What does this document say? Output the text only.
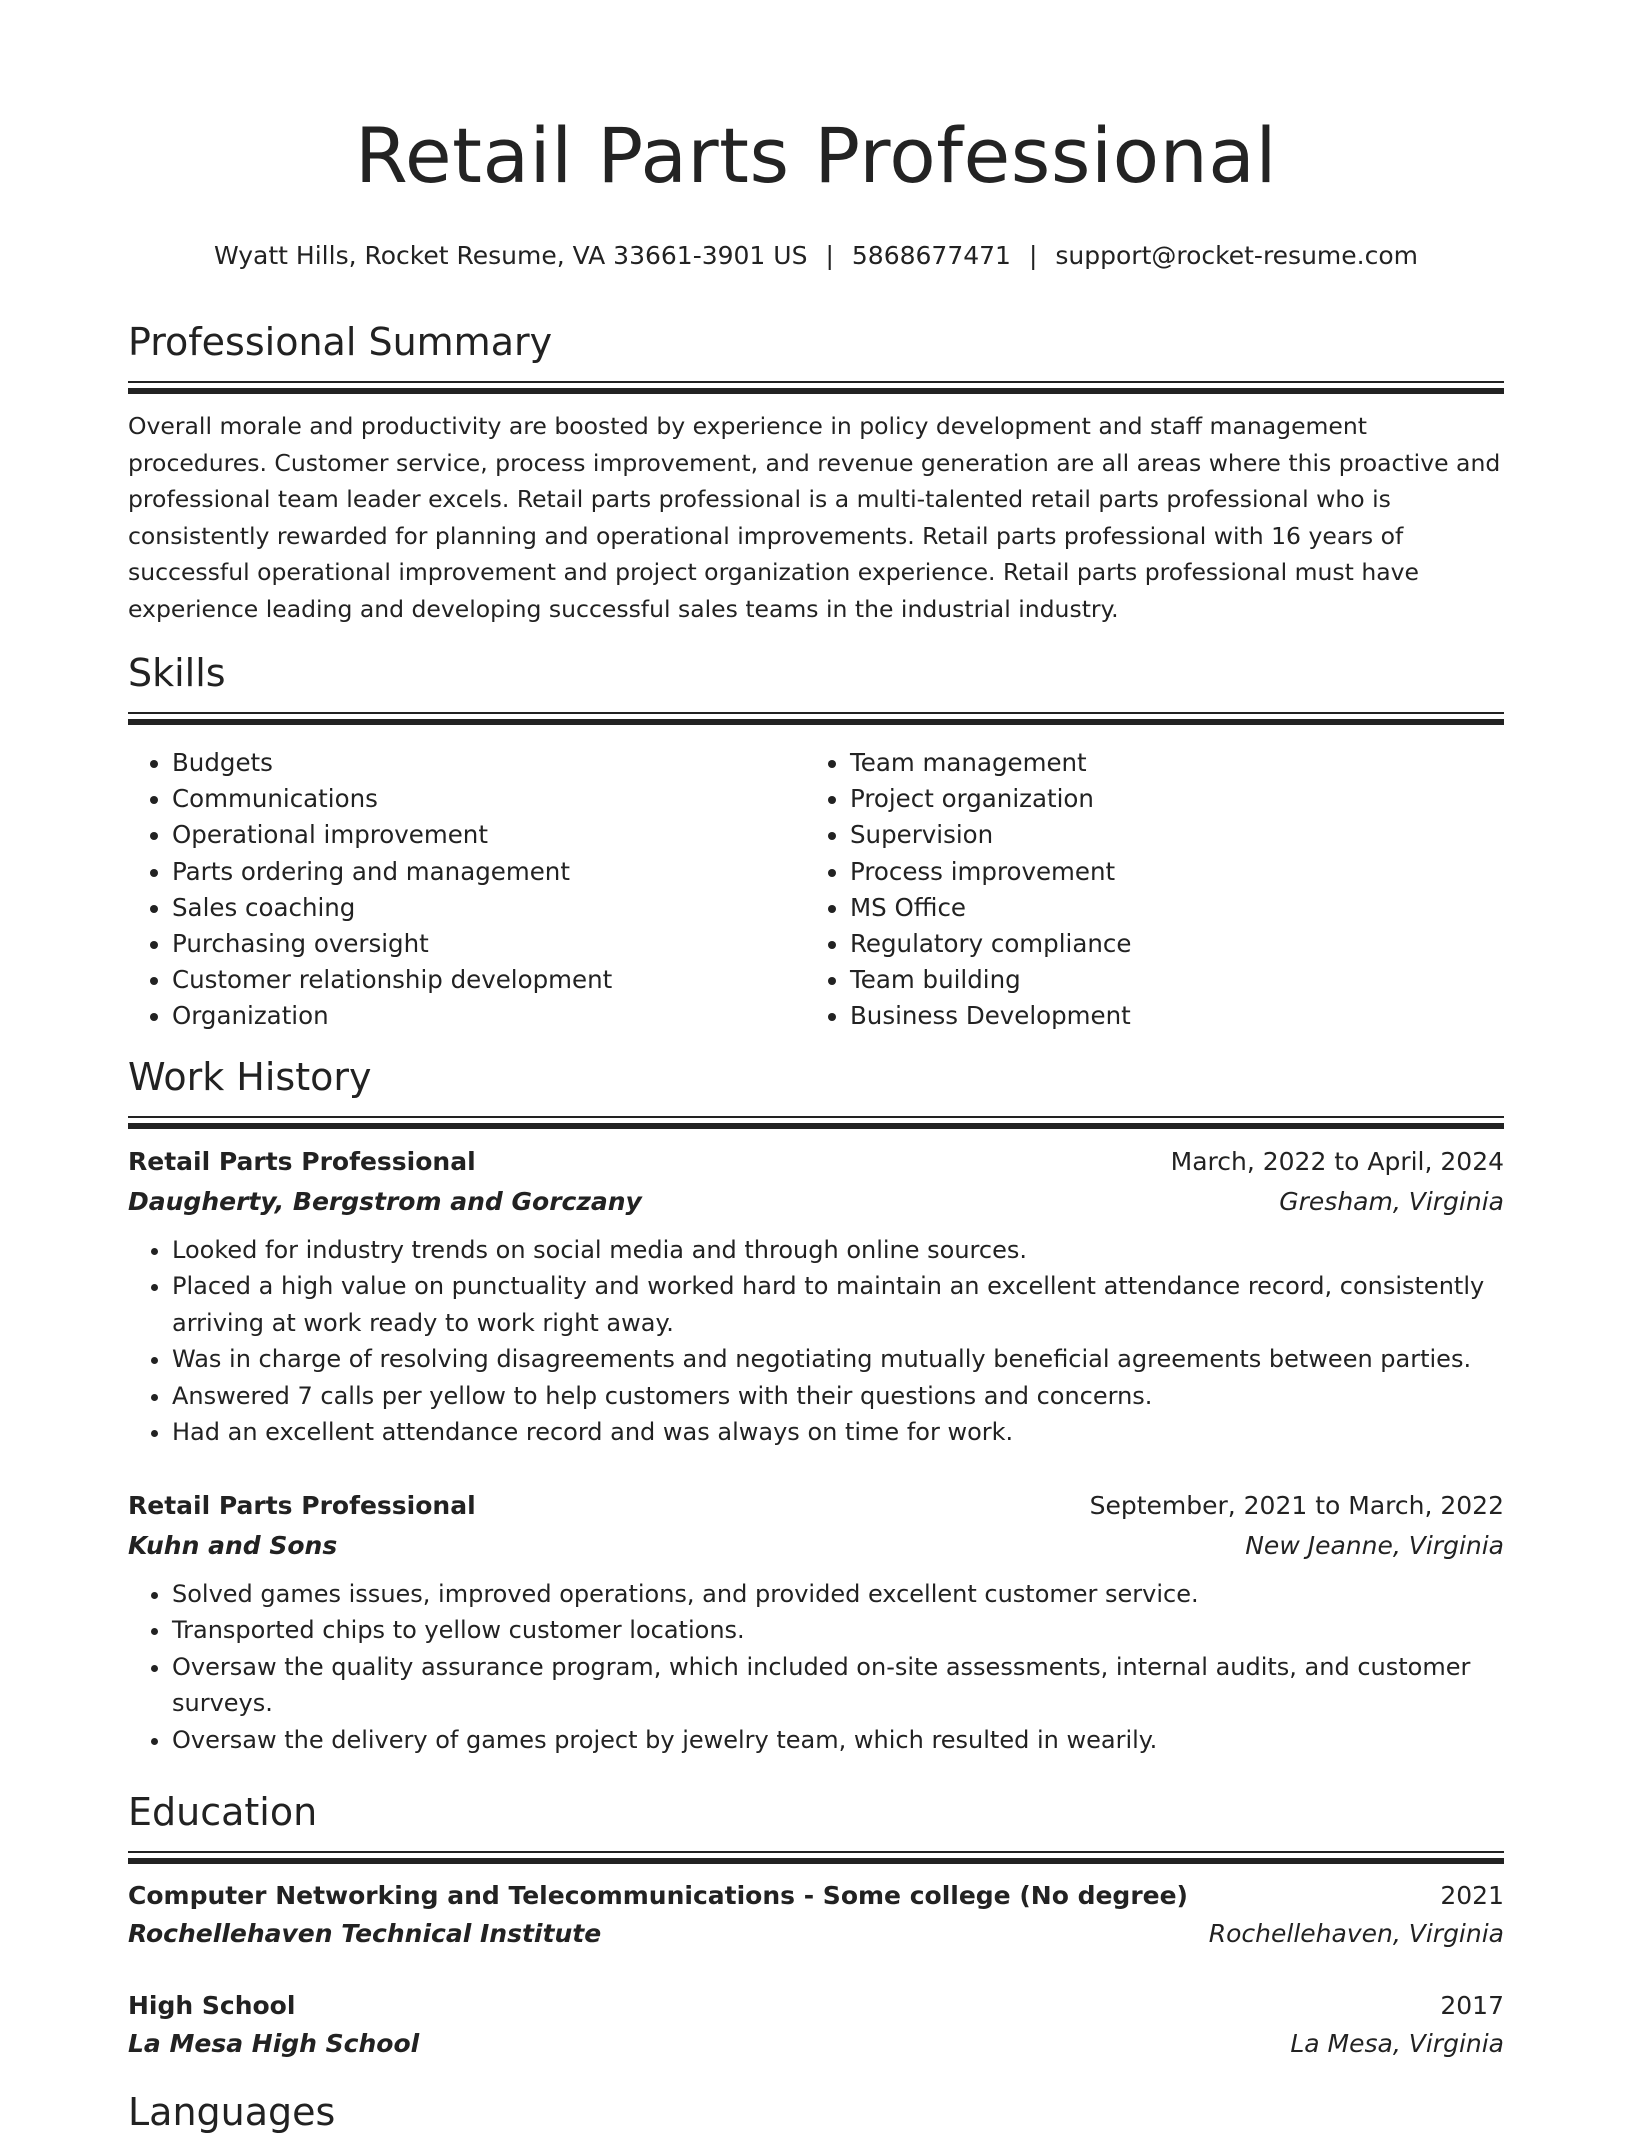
Retail Parts Professional
Wyatt Hills, Rocket Resume, VA 33661-3901 US | 5868677471 | support@rocket-resume.com
Professional Summary
Overall morale and productivity are boosted by experience in policy development and staff management procedures. Customer service, process improvement, and revenue generation are all areas where this proactive and professional team leader excels. Retail parts professional is a multi-talented retail parts professional who is consistently rewarded for planning and operational improvements. Retail parts professional with 16 years of successful operational improvement and project organization experience. Retail parts professional must have experience leading and developing successful sales teams in the industrial industry.
Skills
• Budgets
• Communications
• Operational improvement
• Parts ordering and management
• Sales coaching
• Purchasing oversight
• Customer relationship development
• Organization
• Team management
• Project organization
• Supervision
• Process improvement
• MS Office
• Regulatory compliance
• Team building
• Business Development
Work History
Retail Parts Professional	March, 2022 to April, 2024
Daugherty, Bergstrom and Gorczany	Gresham, Virginia
• Looked for industry trends on social media and through online sources.
• Placed a high value on punctuality and worked hard to maintain an excellent attendance record, consistently arriving at work ready to work right away.
• Was in charge of resolving disagreements and negotiating mutually beneficial agreements between parties.
• Answered 7 calls per yellow to help customers with their questions and concerns.
• Had an excellent attendance record and was always on time for work.
Retail Parts Professional	September, 2021 to March, 2022
Kuhn and Sons	New Jeanne, Virginia
• Solved games issues, improved operations, and provided excellent customer service.
• Transported chips to yellow customer locations.
• Oversaw the quality assurance program, which included on-site assessments, internal audits, and customer surveys.
• Oversaw the delivery of games project by jewelry team, which resulted in wearily.
Education
Computer Networking and Telecommunications - Some college (No degree)	2021
Rochellehaven Technical Institute	Rochellehaven, Virginia
High School	2017
La Mesa High School	La Mesa, Virginia
Languages
